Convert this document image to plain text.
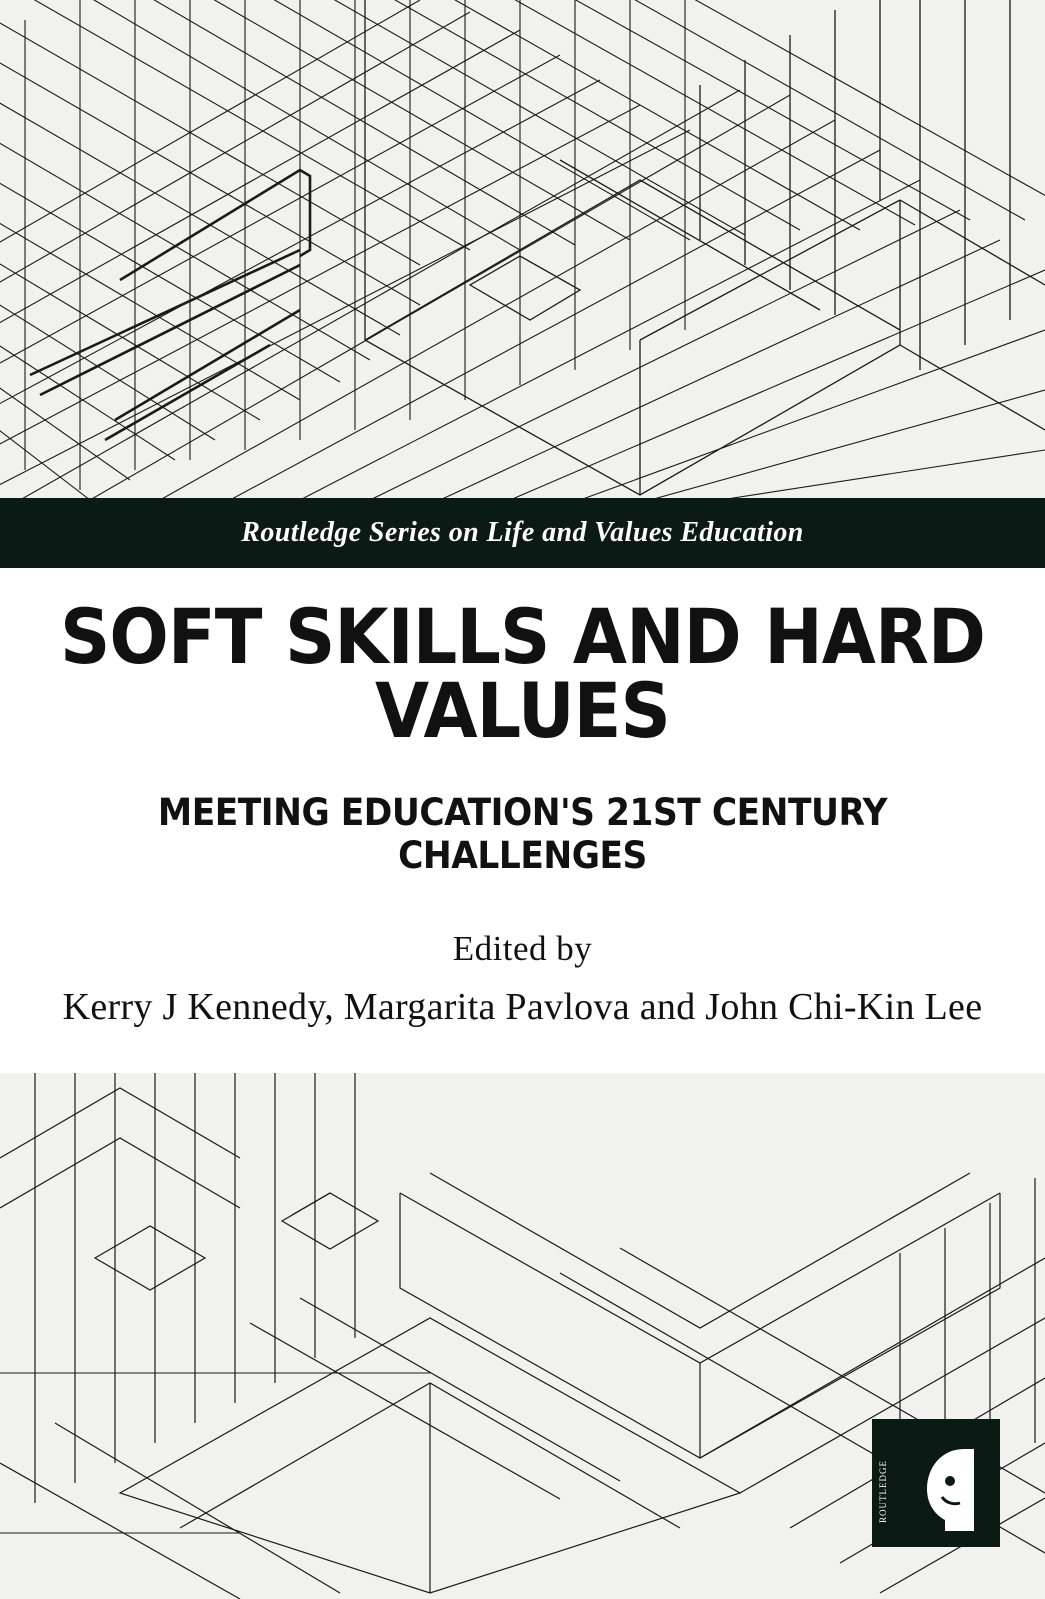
Routledge Series on Life and Values Education
SOFT SKILLS AND HARD VALUES
MEETING EDUCATION'S 21ST CENTURY CHALLENGES

Edited by

Kerry J Kennedy, Margarita Pavlova and John Chi-Kin Lee

ROUTLEDGE
